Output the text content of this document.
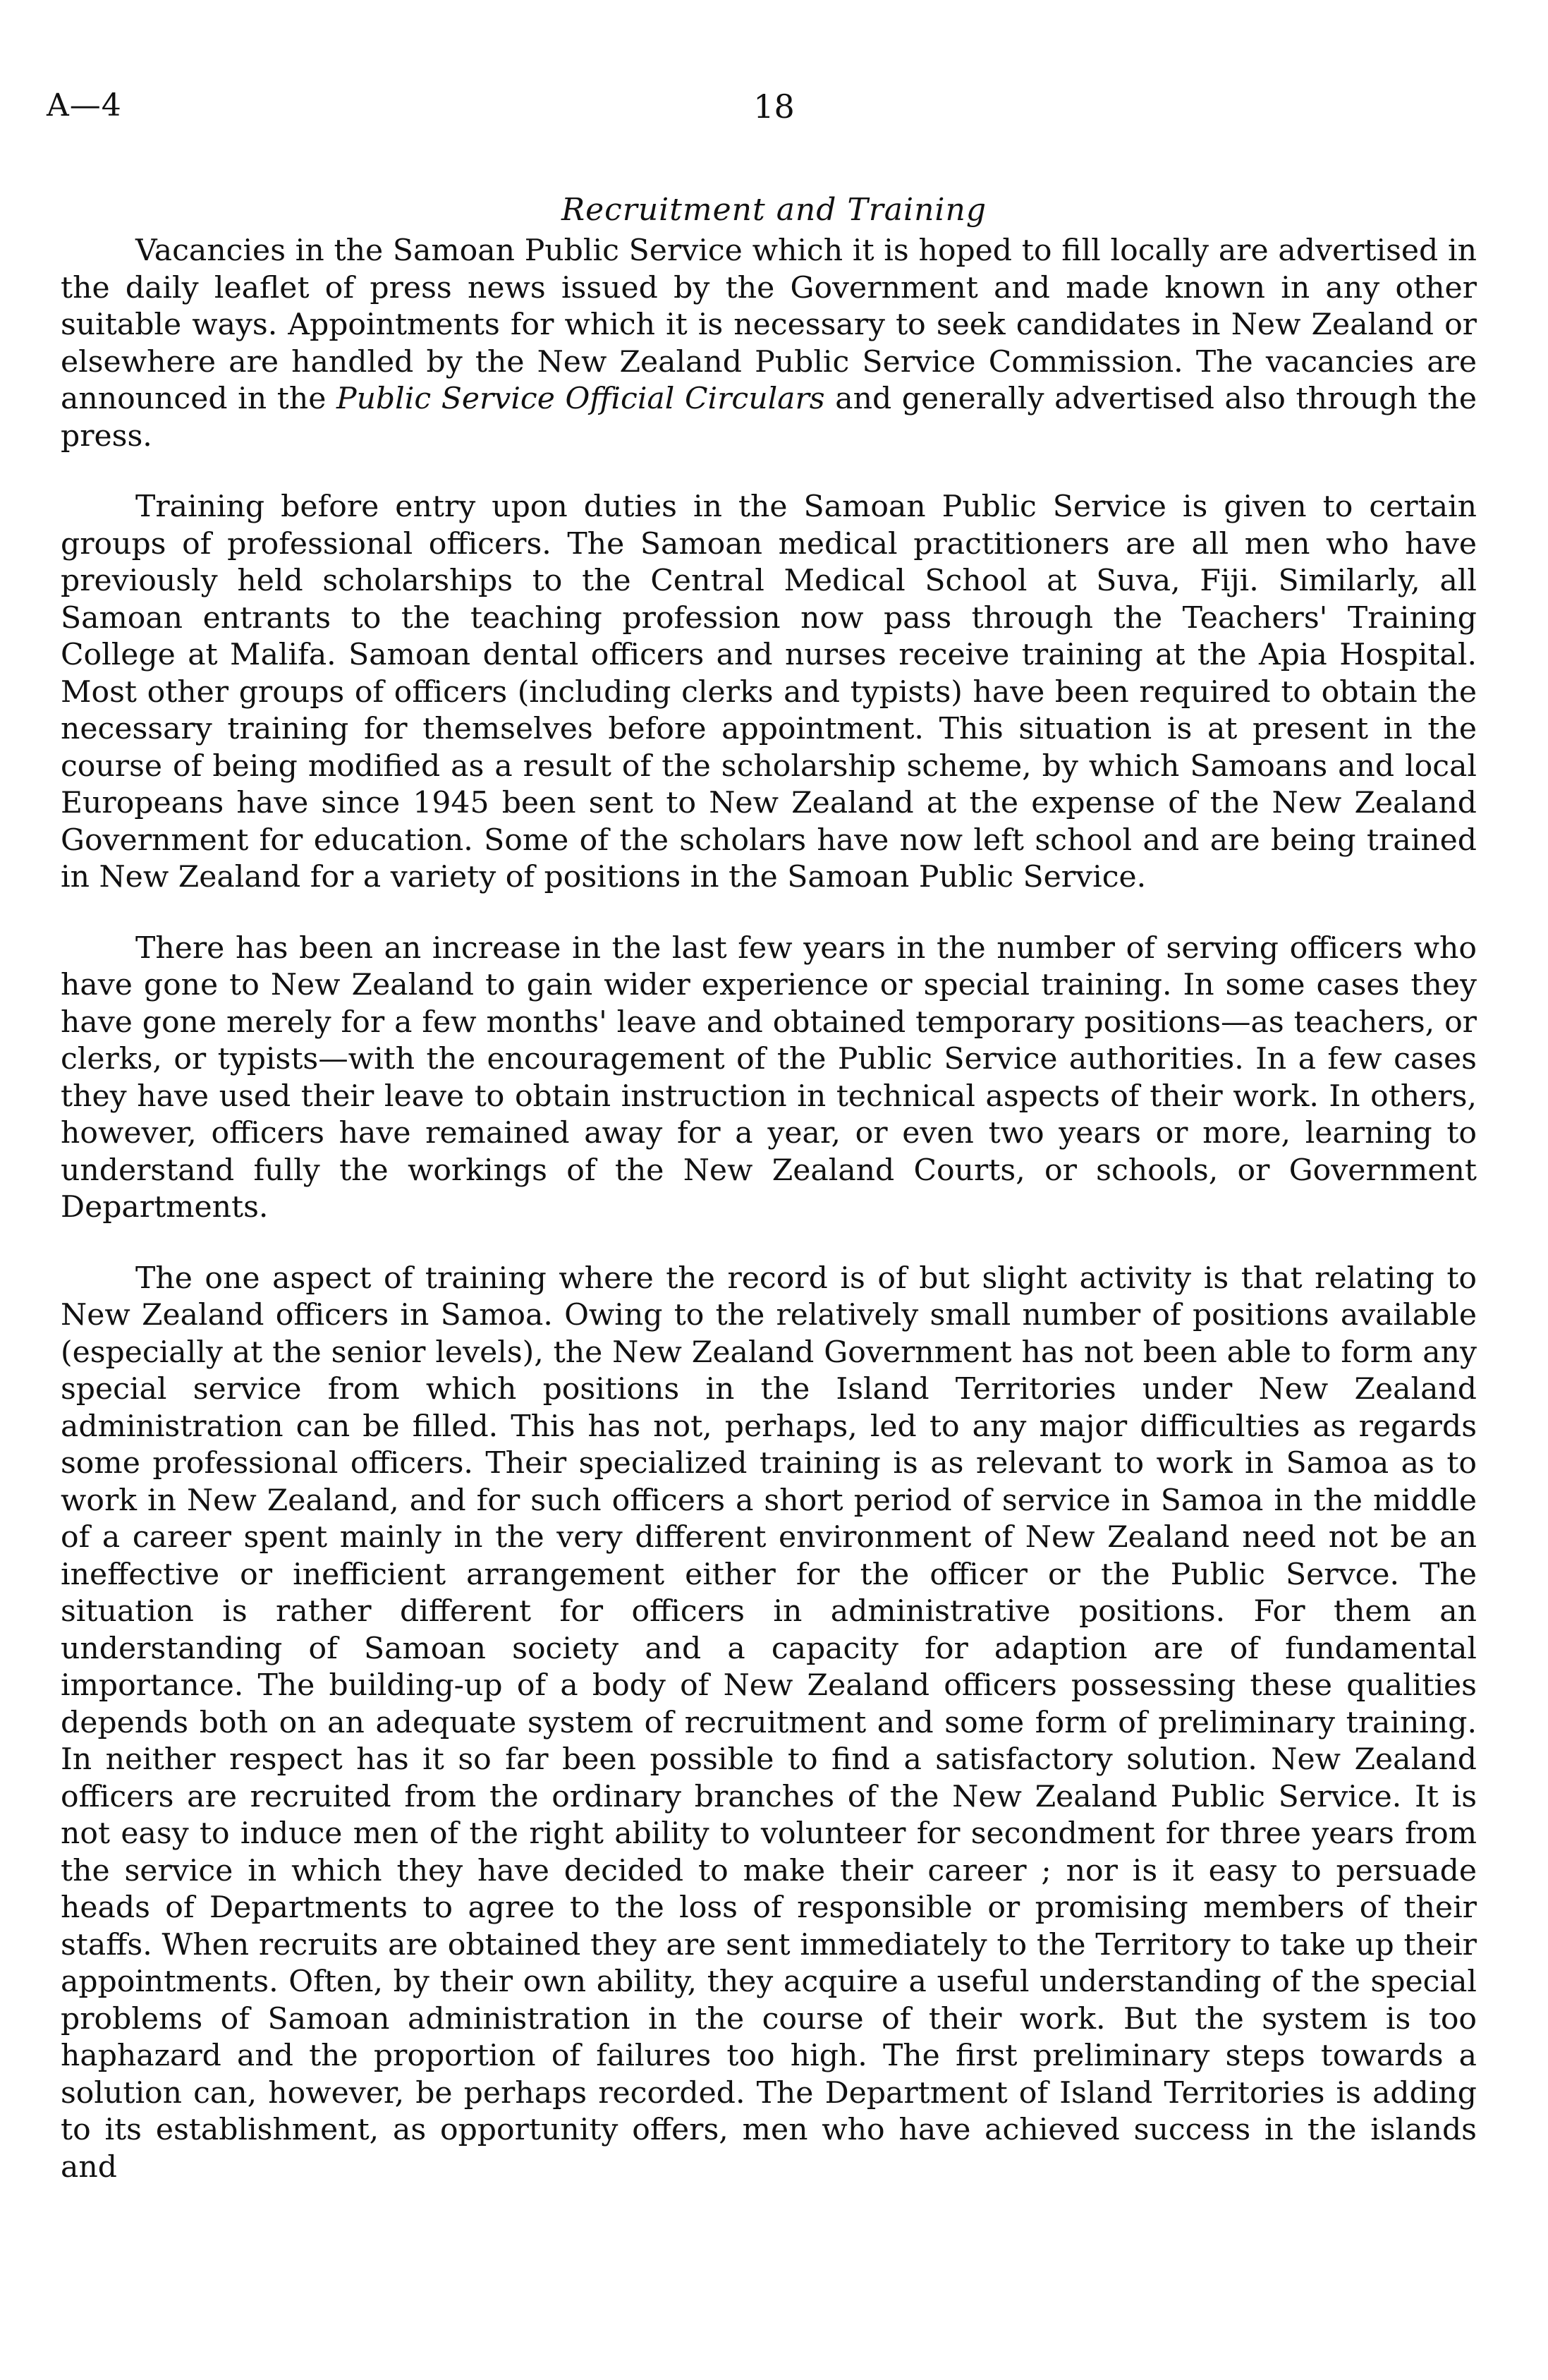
A—4	18
Recruitment and Training

Vacancies in the Samoan Public Service which it is hoped to fill locally are advertised in the daily leaflet of press news issued by the Government and made known in any other suitable ways. Appointments for which it is necessary to seek candidates in New Zealand or elsewhere are handled by the New Zealand Public Service Commission. The vacancies are announced in the Public Service Official Circulars and generally advertised also through the press.

Training before entry upon duties in the Samoan Public Service is given to certain groups of professional officers. The Samoan medical practitioners are all men who have previously held scholarships to the Central Medical School at Suva, Fiji. Similarly, all Samoan entrants to the teaching profession now pass through the Teachers' Training College at Malifa. Samoan dental officers and nurses receive training at the Apia Hospital. Most other groups of officers (including clerks and typists) have been required to obtain the necessary training for themselves before appointment. This situation is at present in the course of being modified as a result of the scholarship scheme, by which Samoans and local Europeans have since 1945 been sent to New Zealand at the expense of the New Zealand Government for education. Some of the scholars have now left school and are being trained in New Zealand for a variety of positions in the Samoan Public Service.

There has been an increase in the last few years in the number of serving officers who have gone to New Zealand to gain wider experience or special training. In some cases they have gone merely for a few months' leave and obtained temporary positions—as teachers, or clerks, or typists—with the encouragement of the Public Service authorities. In a few cases they have used their leave to obtain instruction in technical aspects of their work. In others, however, officers have remained away for a year, or even two years or more, learning to understand fully the workings of the New Zealand Courts, or schools, or Government Departments.

The one aspect of training where the record is of but slight activity is that relating to New Zealand officers in Samoa. Owing to the relatively small number of positions available (especially at the senior levels), the New Zealand Government has not been able to form any special service from which positions in the Island Territories under New Zealand administration can be filled. This has not, perhaps, led to any major difficulties as regards some professional officers. Their specialized training is as relevant to work in Samoa as to work in New Zealand, and for such officers a short period of service in Samoa in the middle of a career spent mainly in the very different environment of New Zealand need not be an ineffective or inefficient arrangement either for the officer or the Public Servce. The situation is rather different for officers in administrative positions. For them an understanding of Samoan society and a capacity for adaption are of fundamental importance. The building-up of a body of New Zealand officers possessing these qualities depends both on an adequate system of recruitment and some form of preliminary training. In neither respect has it so far been possible to find a satisfactory solution. New Zealand officers are recruited from the ordinary branches of the New Zealand Public Service. It is not easy to induce men of the right ability to volunteer for secondment for three years from the service in which they have decided to make their career ; nor is it easy to persuade heads of Departments to agree to the loss of responsible or promising members of their staffs. When recruits are obtained they are sent immediately to the Territory to take up their appointments. Often, by their own ability, they acquire a useful understanding of the special problems of Samoan administration in the course of their work. But the system is too haphazard and the proportion of failures too high. The first preliminary steps towards a solution can, however, be perhaps recorded. The Department of Island Territories is adding to its establishment, as opportunity offers, men who have achieved success in the islands and
